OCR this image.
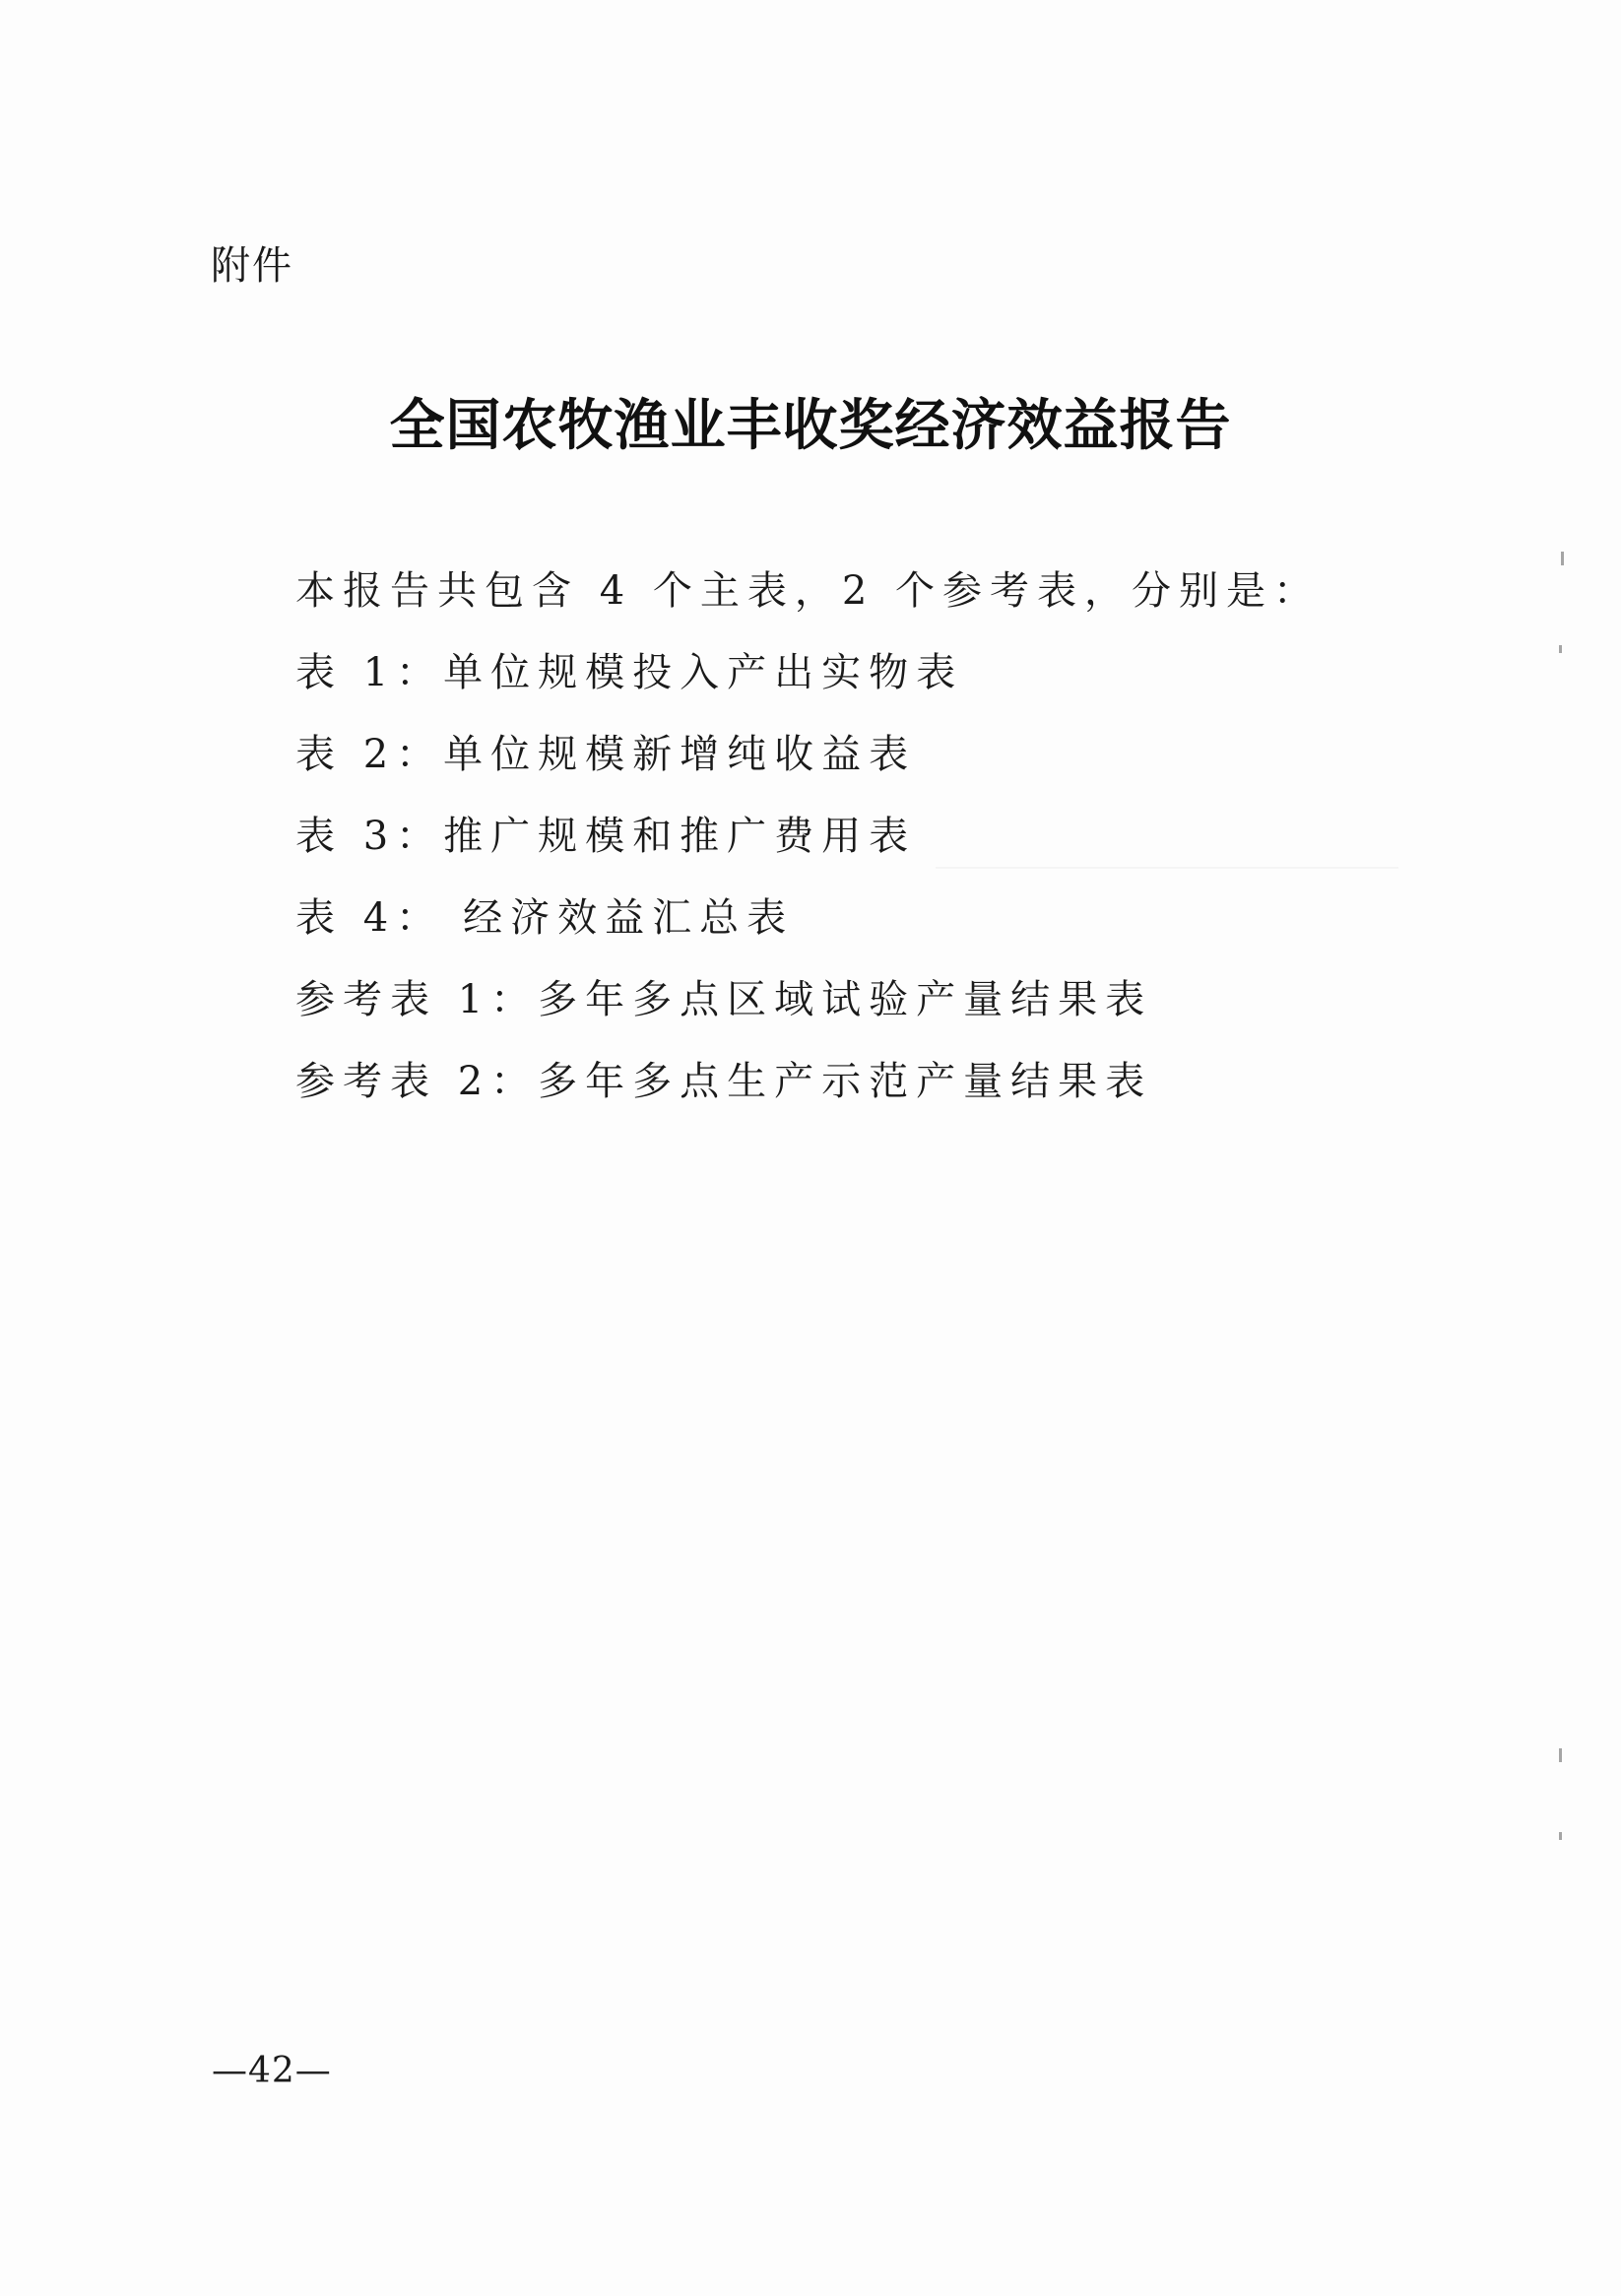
附件
全国农牧渔业丰收奖经济效益报告
本报告共包含 4 个主表，2 个参考表，分别是：
表 1：单位规模投入产出实物表
表 2：单位规模新增纯收益表
表 3：推广规模和推广费用表
表 4： 经济效益汇总表
参考表 1：多年多点区域试验产量结果表
参考表 2：多年多点生产示范产量结果表
—42—
